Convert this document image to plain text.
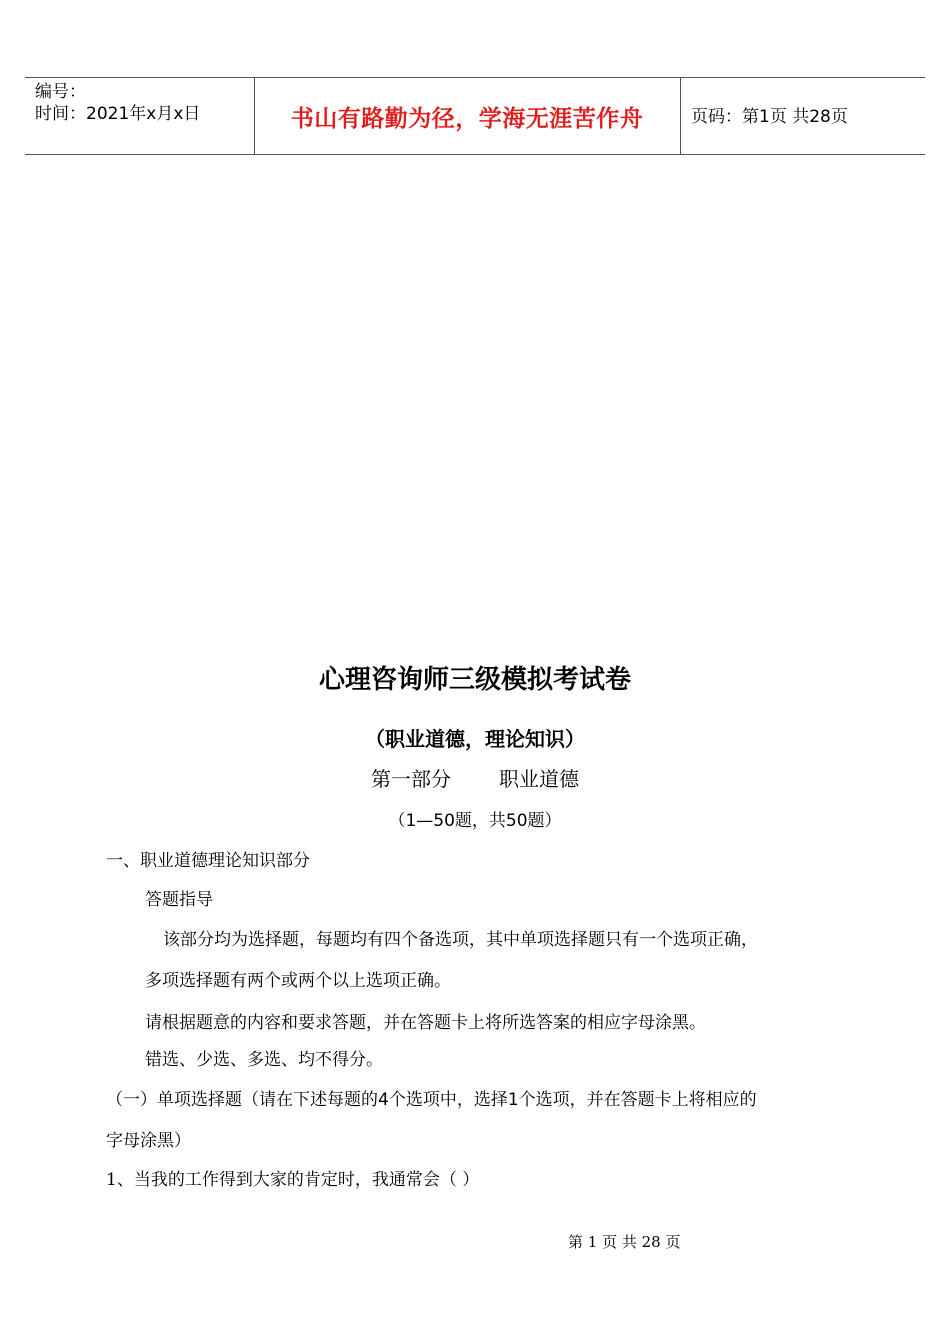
编号：
时间：2021年x月x日	书山有路勤为径，学海无涯苦作舟	页码：第1页 共28页
心理咨询师三级模拟考试卷
（职业道德，理论知识）
第一部分 职业道德
（1—50题，共50题）
一、职业道德理论知识部分
答题指导
该部分均为选择题，每题均有四个备选项，其中单项选择题只有一个选项正确，
多项选择题有两个或两个以上选项正确。
请根据题意的内容和要求答题，并在答题卡上将所选答案的相应字母涂黑。
错选、少选、多选、均不得分。
（一）单项选择题（请在下述每题的4个选项中，选择1个选项，并在答题卡上将相应的
字母涂黑）
1、当我的工作得到大家的肯定时，我通常会（ ）
第 1 页 共 28 页
